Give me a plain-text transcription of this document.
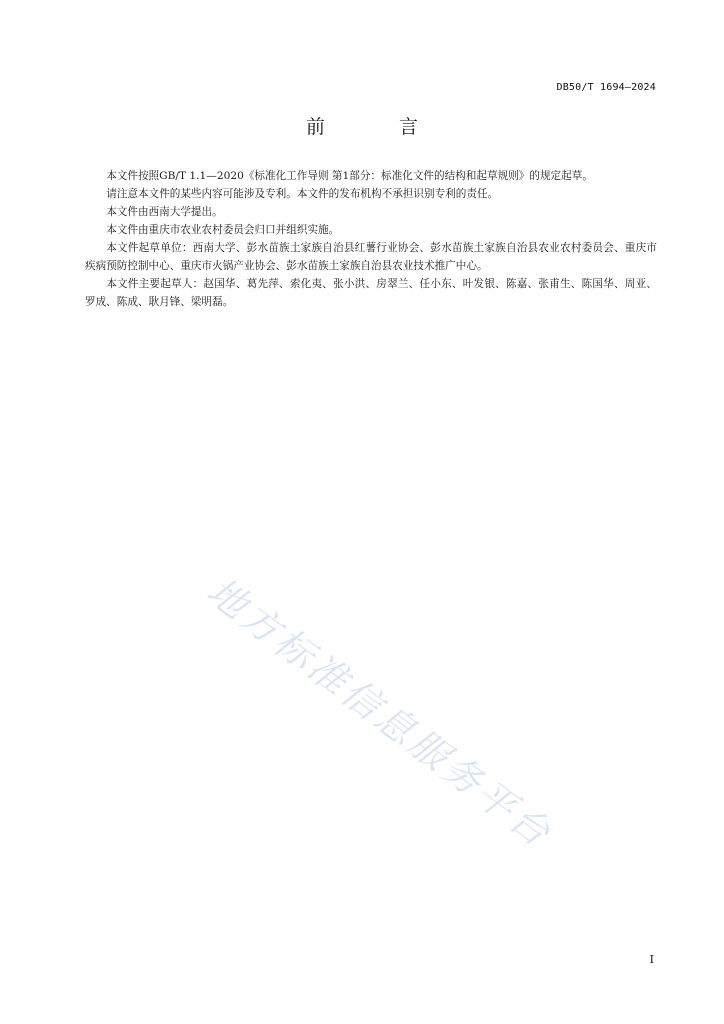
DB50/T 1694—2024
前 言

本文件按照GB/T 1.1—2020《标准化工作导则 第1部分：标准化文件的结构和起草规则》的规定起草。

请注意本文件的某些内容可能涉及专利。本文件的发布机构不承担识别专利的责任。

本文件由西南大学提出。

本文件由重庆市农业农村委员会归口并组织实施。

本文件起草单位：西南大学、彭水苗族土家族自治县红薯行业协会、彭水苗族土家族自治县农业农村委员会、重庆市疾病预防控制中心、重庆市火锅产业协会、彭水苗族土家族自治县农业技术推广中心。

本文件主要起草人：赵国华、葛先萍、索化夷、张小洪、房翠兰、任小东、叶发银、陈嘉、张甫生、陈国华、周亚、罗成、陈成、耿月锋、梁明磊。

地方标准信息服务平台
I
